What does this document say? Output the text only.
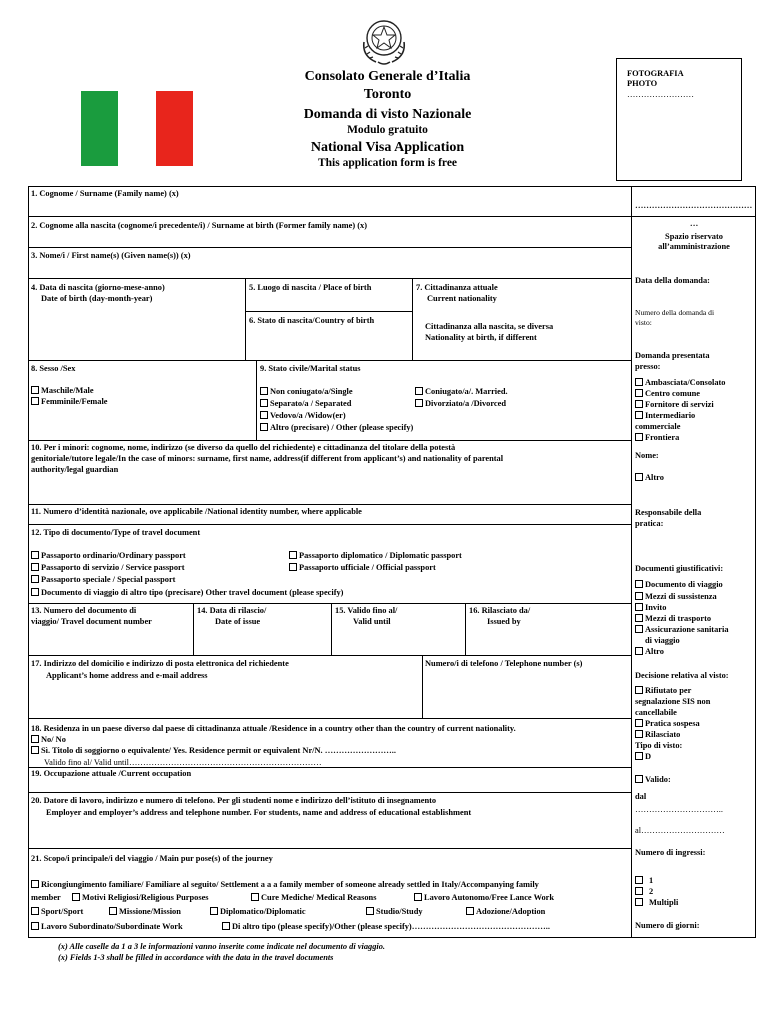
Consolato Generale d’Italia
Toronto
Domanda di visto Nazionale
Modulo gratuito
National Visa Application
This application form is free
FOTOGRAFIA
PHOTO
……………………
1. Cognome / Surname (Family name) (x)
2. Cognome alla nascita (cognome/i precedente/i) / Surname at birth (Former family name) (x)
3. Nome/i / First name(s) (Given name(s)) (x)
4. Data di nascita (giorno-mese-anno)
Date of birth (day-month-year)
5. Luogo di nascita / Place of birth
6. Stato di nascita/Country of birth
7. Cittadinanza attuale
Current nationality
Cittadinanza alla nascita, se diversa
Nationality at birth, if different
8. Sesso /Sex
Maschile/Male
Femminile/Female
9. Stato civile/Marital status
Non coniugato/a/Single	Coniugato/a/. Married.
Separato/a / Separated	Divorziato/a /Divorced
Vedovo/a /Widow(er)
Altro (precisare) / Other (please specify)
10. Per i minori: cognome, nome, indirizzo (se diverso da quello del richiedente) e cittadinanza del titolare della potestà
genitoriale/tutore legale/In the case of minors: surname, first name, address(if different from applicant’s) and nationality of parental
authority/legal guardian
11. Numero d’identità nazionale, ove applicabile /National identity number, where applicable
12. Tipo di documento/Type of travel document
Passaporto ordinario/Ordinary passport	Passaporto diplomatico / Diplomatic passport
Passaporto di servizio / Service passport	Passaporto ufficiale / Official passport
Passaporto speciale / Special passport
Documento di viaggio di altro tipo (precisare) Other travel document (please specify)
13. Numero del documento di
viaggio/ Travel document number
14. Data di rilascio/
Date of issue
15. Valido fino al/
Valid until
16. Rilasciato da/
Issued by
17. Indirizzo del domicilio e indirizzo di posta elettronica del richiedente
Applicant’s home address and e-mail address
Numero/i di telefono / Telephone number (s)
18. Residenza in un paese diverso dal paese di cittadinanza attuale /Residence in a country other than the country of current nationality.
No/ No
Sì. Titolo di soggiorno o equivalente/ Yes. Residence permit or equivalent Nr/N. ……………………..
Valido fino al/ Valid until……………………………………………………………
19. Occupazione attuale /Current occupation
20. Datore di lavoro, indirizzo e numero di telefono. Per gli studenti nome e indirizzo dell’istituto di insegnamento
Employer and employer’s address and telephone number. For students, name and address of educational establishment
21. Scopo/i principale/i del viaggio / Main pur pose(s) of the journey
Ricongiungimento familiare/ Familiare al seguito/ Settlement a a a family member of someone already settled in Italy/Accompanying family
member	Motivi Religiosi/Religious Purposes	Cure Mediche/ Medical Reasons	Lavoro Autonomo/Free Lance Work
Sport/Sport	Missione/Mission	Diplomatico/Diplomatic	Studio/Study	Adozione/Adoption
Lavoro Subordinato/Subordinate Work	Di altro tipo (please specify)/Other (please specify)…………………………………………..
(x) Alle caselle da 1 a 3 le informazioni vanno inserite come indicate nel documento di viaggio.
(x) Fields 1-3 shall be filled in accordance with the data in the travel documents
……………………………………
…
Spazio riservato
all’amministrazione
Data della domanda:
Numero della domanda di
visto:
Domanda presentata
presso:
Ambasciata/Consolato
Centro comune
Fornitore di servizi
Intermediario
commerciale
Frontiera
Nome:
Altro
Responsabile della
pratica:
Documenti giustificativi:
Documento di viaggio
Mezzi di sussistenza
Invito
Mezzi di trasporto
Assicurazione sanitaria
di viaggio
Altro
Decisione relativa al visto:
Rifiutato per
segnalazione SIS non
cancellabile
Pratica sospesa
Rilasciato
Tipo di visto:
D
Valido:
dal
…………………………..
al…………………………
Numero di ingressi:
1
2
Multipli
Numero di giorni:
